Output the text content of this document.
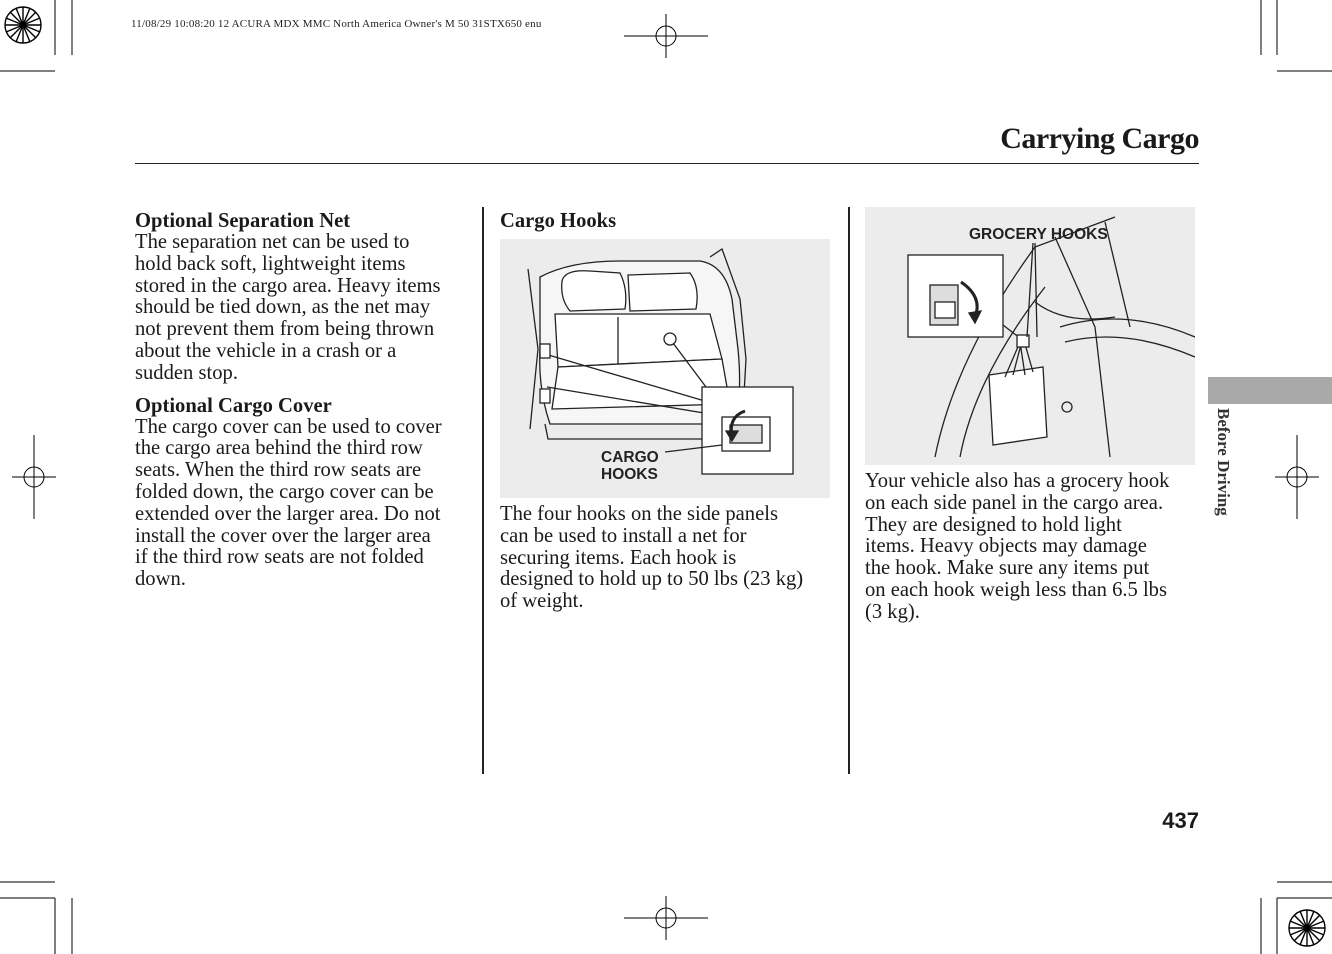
11/08/29 10:08:20 12 ACURA MDX MMC North America Owner's M 50 31STX650 enu
Carrying Cargo
Optional Separation Net

The separation net can be used to

hold back soft, lightweight items

stored in the cargo area. Heavy items

should be tied down, as the net may

not prevent them from being thrown

about the vehicle in a crash or a

sudden stop.

Optional Cargo Cover

The cargo cover can be used to cover

the cargo area behind the third row

seats. When the third row seats are

folded down, the cargo cover can be

extended over the larger area. Do not

install the cover over the larger area

if the third row seats are not folded

down.

Cargo Hooks
CARGO
HOOKS

The four hooks on the side panels

can be used to install a net for

securing items. Each hook is

designed to hold up to 50 lbs (23 kg)

of weight.

GROCERY HOOKS

Your vehicle also has a grocery hook

on each side panel in the cargo area.

They are designed to hold light

items. Heavy objects may damage

the hook. Make sure any items put

on each hook weigh less than 6.5 lbs

(3 kg).

Before Driving
437
